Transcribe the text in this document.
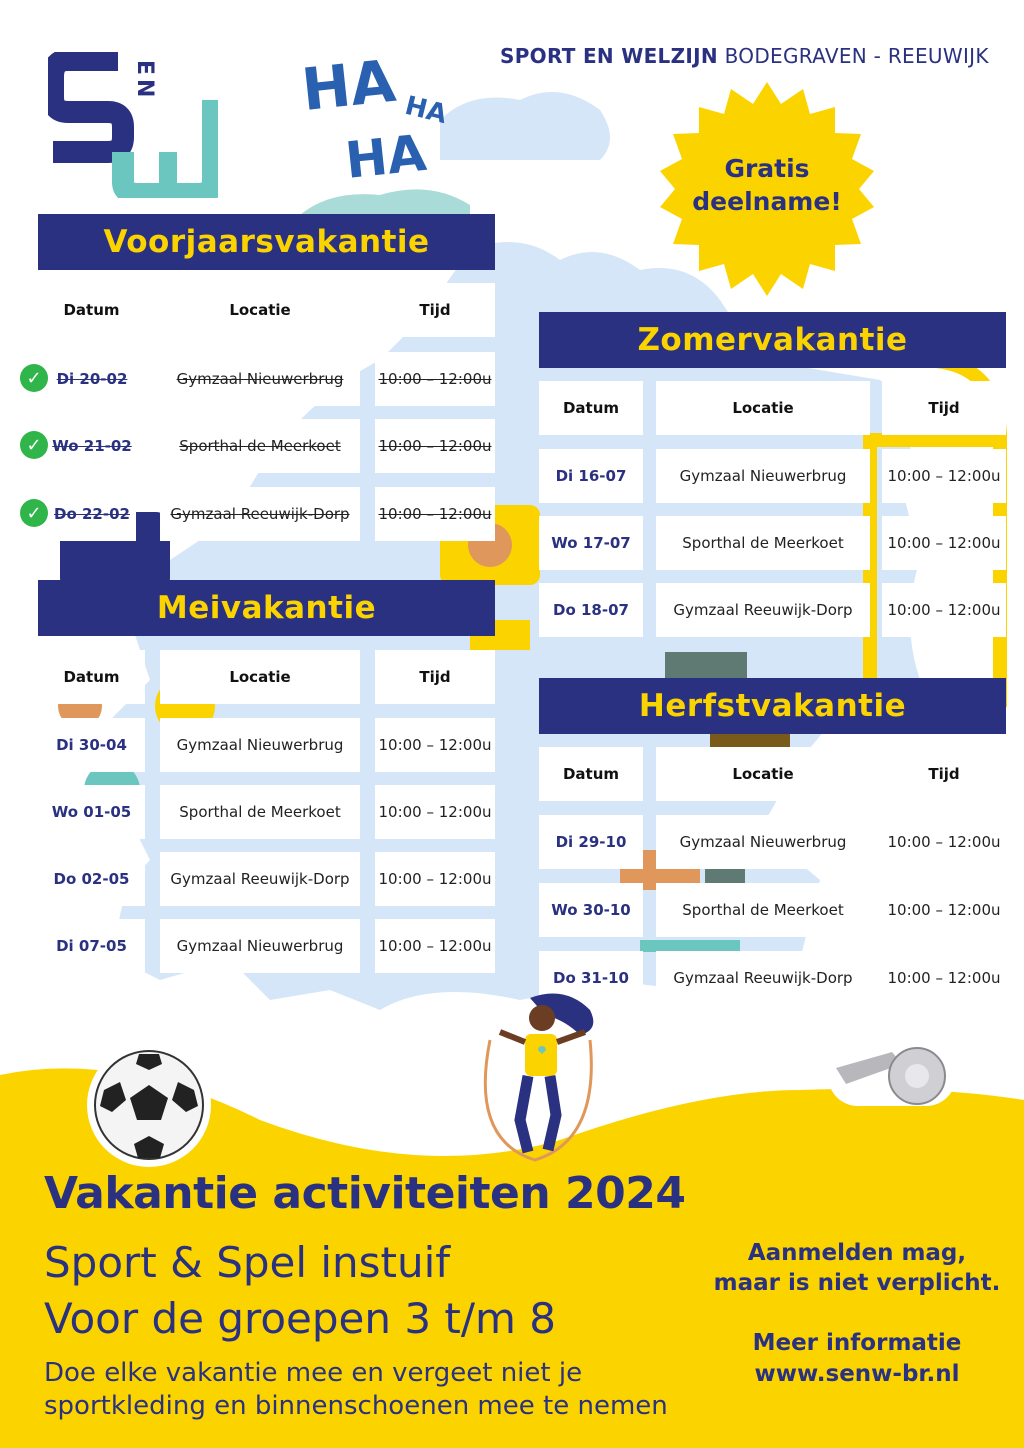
EN HA HA
HA
SPORT EN WELZIJN BODEGRAVEN - REEUWIJK
Gratis
deelname!
Voorjaarsvakantie
Datum	Locatie	Tijd
✓	Di 20-02	Gymzaal Nieuwerbrug	10:00 – 12:00u
✓ Wo 21-02	Sporthal de Meerkoet	10:00 – 12:00u
✓ Do 22-02	Gymzaal Reeuwijk-Dorp	10:00 – 12:00u
Meivakantie
Datum	Locatie	Tijd
Di 30-04	Gymzaal Nieuwerbrug	10:00 – 12:00u
Wo 01-05	Sporthal de Meerkoet	10:00 – 12:00u
Do 02-05	Gymzaal Reeuwijk-Dorp	10:00 – 12:00u
Di 07-05	Gymzaal Nieuwerbrug	10:00 – 12:00u
Zomervakantie
Datum	Locatie	Tijd
Di 16-07	Gymzaal Nieuwerbrug	10:00 – 12:00u
Wo 17-07	Sporthal de Meerkoet	10:00 – 12:00u
Do 18-07	Gymzaal Reeuwijk-Dorp	10:00 – 12:00u
Herfstvakantie
Datum	Locatie	Tijd
Di 29-10	Gymzaal Nieuwerbrug	10:00 – 12:00u
Wo 30-10	Sporthal de Meerkoet	10:00 – 12:00u
Do 31-10	Gymzaal Reeuwijk-Dorp	10:00 – 12:00u
Vakantie activiteiten 2024
Sport & Spel instuif
Voor de groepen 3 t/m 8
Doe elke vakantie mee en vergeet niet je
sportkleding en binnenschoenen mee te nemen
Aanmelden mag,
maar is niet verplicht.
Meer informatie
www.senw-br.nl
